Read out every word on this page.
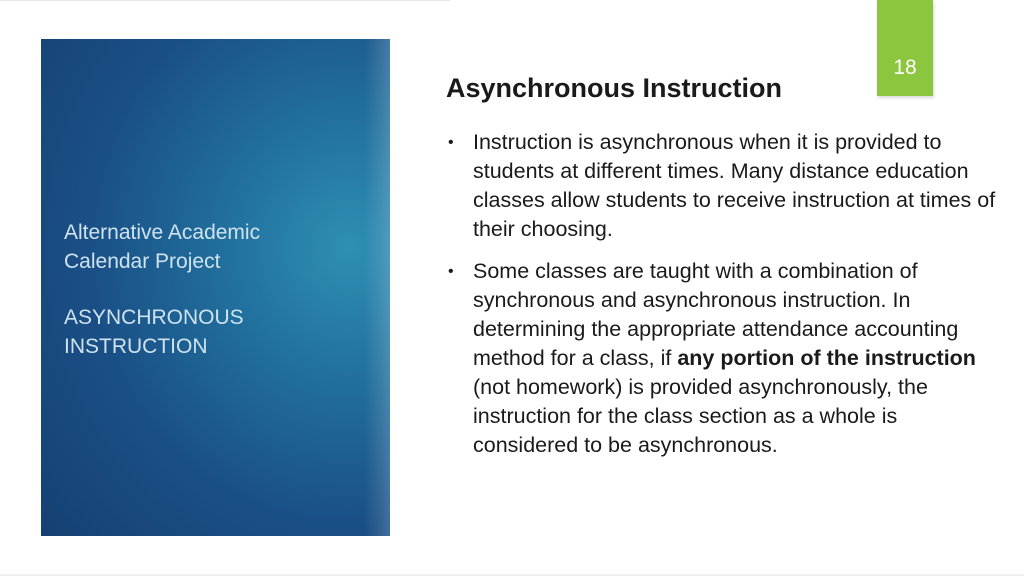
Alternative Academic

Calendar Project

ASYNCHRONOUS

INSTRUCTION

18
Asynchronous Instruction
• Instruction is asynchronous when it is provided to students at different times. Many distance education classes allow students to receive instruction at times of their choosing.
• Some classes are taught with a combination of synchronous and asynchronous instruction. In determining the appropriate attendance accounting method for a class, if any portion of the instruction (not homework) is provided asynchronously, the instruction for the class section as a whole is considered to be asynchronous.
